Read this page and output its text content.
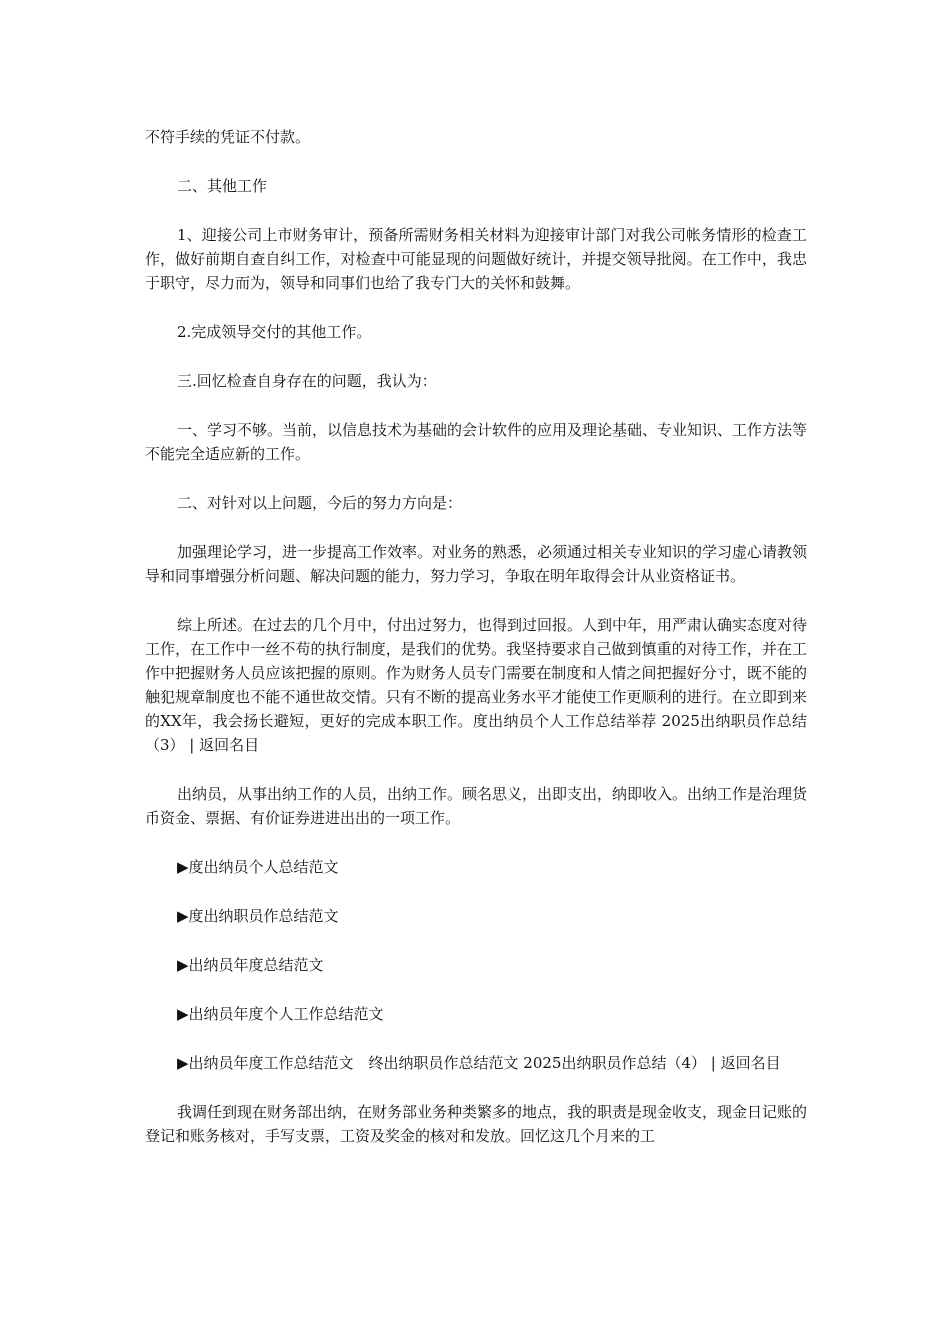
不符手续的凭证不付款。

二、其他工作

1、迎接公司上市财务审计，预备所需财务相关材料为迎接审计部门对我公司帐务情形的检查工作，做好前期自查自纠工作，对检查中可能显现的问题做好统计，并提交领导批阅。在工作中，我忠于职守，尽力而为，领导和同事们也给了我专门大的关怀和鼓舞。

2.完成领导交付的其他工作。

三.回忆检查自身存在的问题，我认为：

一、学习不够。当前，以信息技术为基础的会计软件的应用及理论基础、专业知识、工作方法等不能完全适应新的工作。

二、对针对以上问题，今后的努力方向是：

加强理论学习，进一步提高工作效率。对业务的熟悉，必须通过相关专业知识的学习虚心请教领导和同事增强分析问题、解决问题的能力，努力学习，争取在明年取得会计从业资格证书。

综上所述。在过去的几个月中，付出过努力，也得到过回报。人到中年，用严肃认确实态度对待工作，在工作中一丝不苟的执行制度，是我们的优势。我坚持要求自己做到慎重的对待工作，并在工作中把握财务人员应该把握的原则。作为财务人员专门需要在制度和人情之间把握好分寸，既不能的触犯规章制度也不能不通世故交情。只有不断的提高业务水平才能使工作更顺利的进行。在立即到来的XX年，我会扬长避短，更好的完成本职工作。度出纳员个人工作总结举荐 2025出纳职员作总结（3） | 返回名目

出纳员，从事出纳工作的人员，出纳工作。顾名思义，出即支出，纳即收入。出纳工作是治理货币资金、票据、有价证券进进出出的一项工作。

▶度出纳员个人总结范文

▶度出纳职员作总结范文

▶出纳员年度总结范文

▶出纳员年度个人工作总结范文

▶出纳员年度工作总结范文　终出纳职员作总结范文 2025出纳职员作总结（4） | 返回名目

我调任到现在财务部出纳，在财务部业务种类繁多的地点，我的职责是现金收支，现金日记账的登记和账务核对，手写支票，工资及奖金的核对和发放。回忆这几个月来的工
